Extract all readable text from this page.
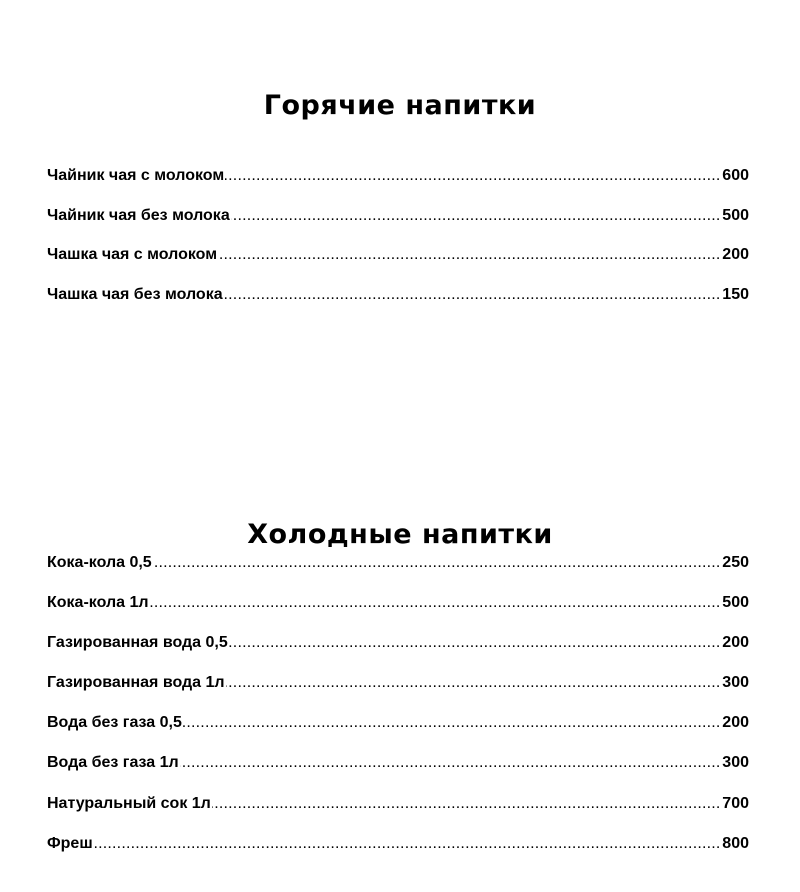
Горячие напитки
.....
Чайник чая с молоком	600
.....
Чайник чая без молока	500
.....
Чашка чая с молоком	200
.....
Чашка чая без молока	150
Холодные напитки
.....
Кока-кола 0,5	250
.....
Кока-кола 1л	500
.....
Газированная вода 0,5	200
.....
Газированная вода 1л	300
.....
Вода без газа 0,5	200
.....
Вода без газа 1л	300
.....
Натуральный сок 1л	700
.....
Фреш	800
